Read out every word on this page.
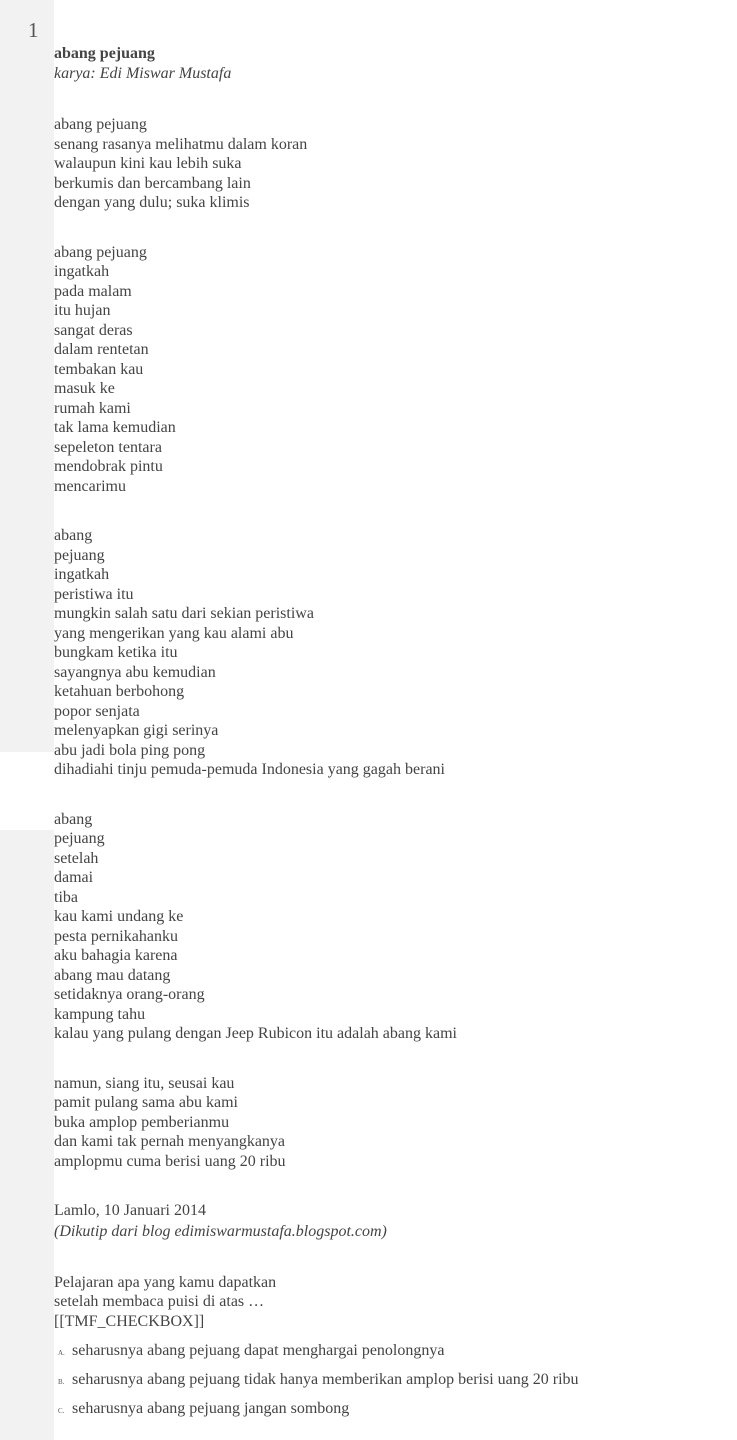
1
abang pejuang
karya: Edi Miswar Mustafa
abang pejuang
senang rasanya melihatmu dalam koran
walaupun kini kau lebih suka
berkumis dan bercambang lain
dengan yang dulu; suka klimis
abang pejuang
ingatkah
pada malam
itu hujan
sangat deras
dalam rentetan
tembakan kau
masuk ke
rumah kami
tak lama kemudian
sepeleton tentara
mendobrak pintu
mencarimu
abang
pejuang
ingatkah
peristiwa itu
mungkin salah satu dari sekian peristiwa
yang mengerikan yang kau alami abu
bungkam ketika itu
sayangnya abu kemudian
ketahuan berbohong
popor senjata
melenyapkan gigi serinya
abu jadi bola ping pong
dihadiahi tinju pemuda-pemuda Indonesia yang gagah berani
abang
pejuang
setelah
damai
tiba
kau kami undang ke
pesta pernikahanku
aku bahagia karena
abang mau datang
setidaknya orang-orang
kampung tahu
kalau yang pulang dengan Jeep Rubicon itu adalah abang kami
namun, siang itu, seusai kau
pamit pulang sama abu kami
buka amplop pemberianmu
dan kami tak pernah menyangkanya
amplopmu cuma berisi uang 20 ribu
Lamlo, 10 Januari 2014
(Dikutip dari blog edimiswarmustafa.blogspot.com)
Pelajaran apa yang kamu dapatkan
setelah membaca puisi di atas …
[[TMF_CHECKBOX]]
A. seharusnya abang pejuang dapat menghargai penolongnya
B. seharusnya abang pejuang tidak hanya memberikan amplop berisi uang 20 ribu
C. seharusnya abang pejuang jangan sombong
